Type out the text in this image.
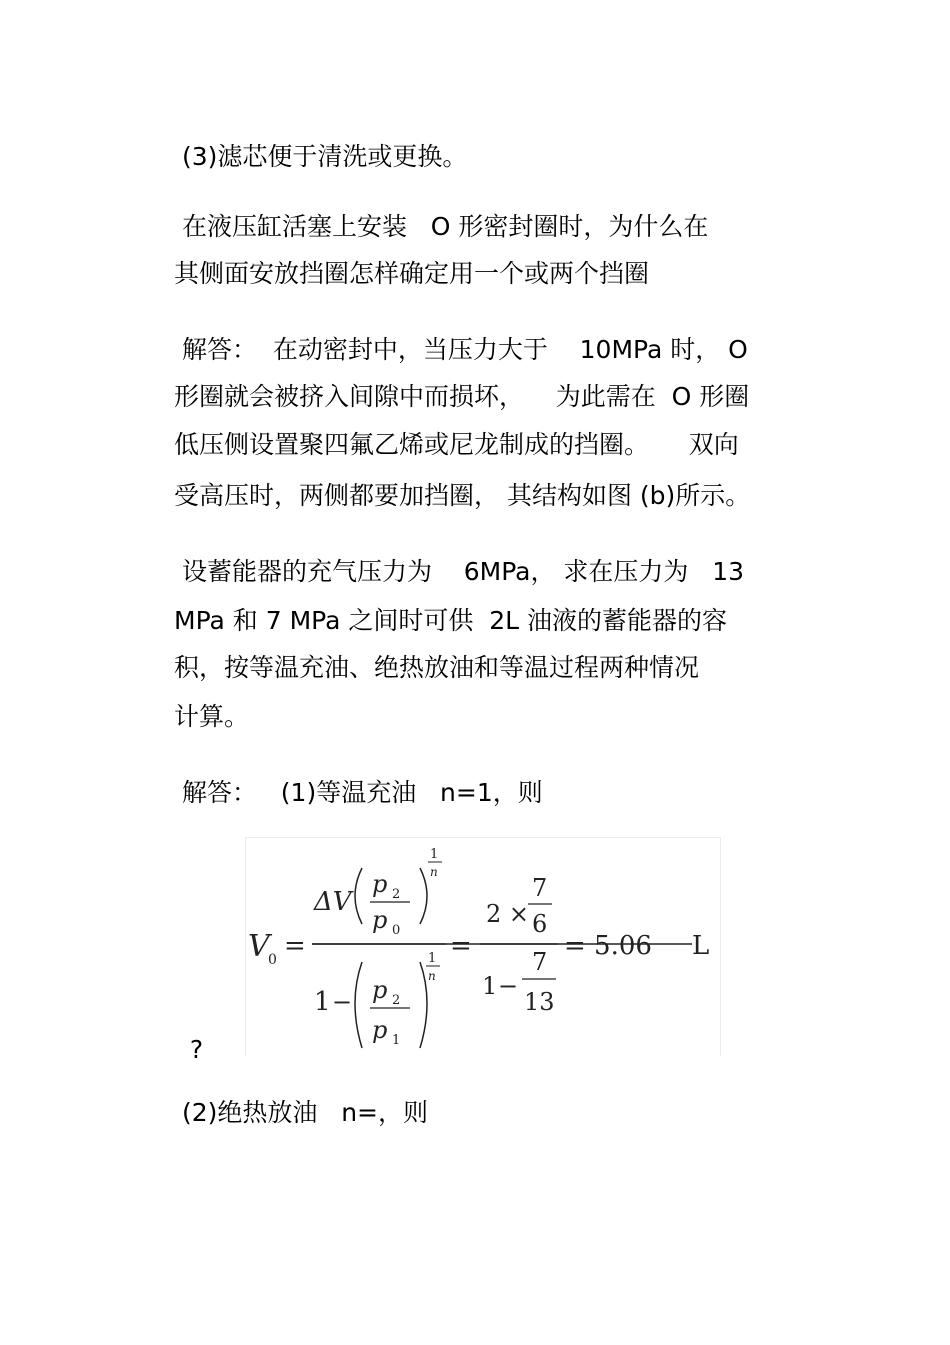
(3)滤芯便于清洗或更换。
在液压缸活塞上安装   O 形密封圈时，为什么在
其侧面安放挡圈怎样确定用一个或两个挡圈
解答：  在动密封中，当压力大于    10MPa 时， O
形圈就会被挤入间隙中而损坏，    为此需在  O 形圈
低压侧设置聚四氟乙烯或尼龙制成的挡圈。     双向
受高压时，两侧都要加挡圈， 其结构如图 (b)所示。
设蓄能器的充气压力为    6MPa， 求在压力为   13
MPa 和 7 MPa 之间时可供  2L 油液的蓄能器的容
积，按等温充油、绝热放油和等温过程两种情况
计算。
解答：   (1)等温充油   n=1，则
V
0 =
ΔV
p 2
p 0
1
n
1 − p 2
p 1
1
n
=
2 ×
7
6
1 −
7
13
= 5.06 L
?
(2)绝热放油   n=，则
